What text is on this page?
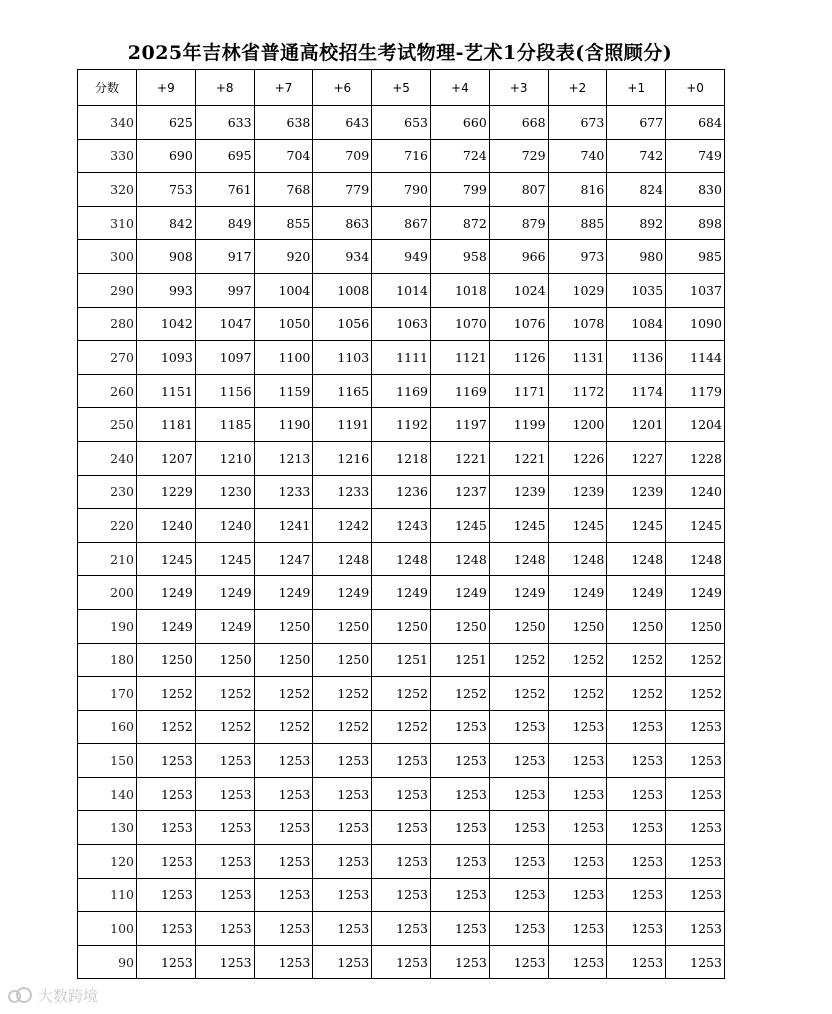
2025年吉林省普通高校招生考试物理-艺术1分段表(含照顾分)
分数	+9	+8	+7	+6	+5	+4	+3	+2	+1	+0
340	625	633	638	643	653	660	668	673	677	684
330	690	695	704	709	716	724	729	740	742	749
320	753	761	768	779	790	799	807	816	824	830
310	842	849	855	863	867	872	879	885	892	898
300	908	917	920	934	949	958	966	973	980	985
290	993	997	1004	1008	1014	1018	1024	1029	1035	1037
280	1042	1047	1050	1056	1063	1070	1076	1078	1084	1090
270	1093	1097	1100	1103	1111	1121	1126	1131	1136	1144
260	1151	1156	1159	1165	1169	1169	1171	1172	1174	1179
250	1181	1185	1190	1191	1192	1197	1199	1200	1201	1204
240	1207	1210	1213	1216	1218	1221	1221	1226	1227	1228
230	1229	1230	1233	1233	1236	1237	1239	1239	1239	1240
220	1240	1240	1241	1242	1243	1245	1245	1245	1245	1245
210	1245	1245	1247	1248	1248	1248	1248	1248	1248	1248
200	1249	1249	1249	1249	1249	1249	1249	1249	1249	1249
190	1249	1249	1250	1250	1250	1250	1250	1250	1250	1250
180	1250	1250	1250	1250	1251	1251	1252	1252	1252	1252
170	1252	1252	1252	1252	1252	1252	1252	1252	1252	1252
160	1252	1252	1252	1252	1252	1253	1253	1253	1253	1253
150	1253	1253	1253	1253	1253	1253	1253	1253	1253	1253
140	1253	1253	1253	1253	1253	1253	1253	1253	1253	1253
130	1253	1253	1253	1253	1253	1253	1253	1253	1253	1253
120	1253	1253	1253	1253	1253	1253	1253	1253	1253	1253
110	1253	1253	1253	1253	1253	1253	1253	1253	1253	1253
100	1253	1253	1253	1253	1253	1253	1253	1253	1253	1253
90	1253	1253	1253	1253	1253	1253	1253	1253	1253	1253
大数跨境
